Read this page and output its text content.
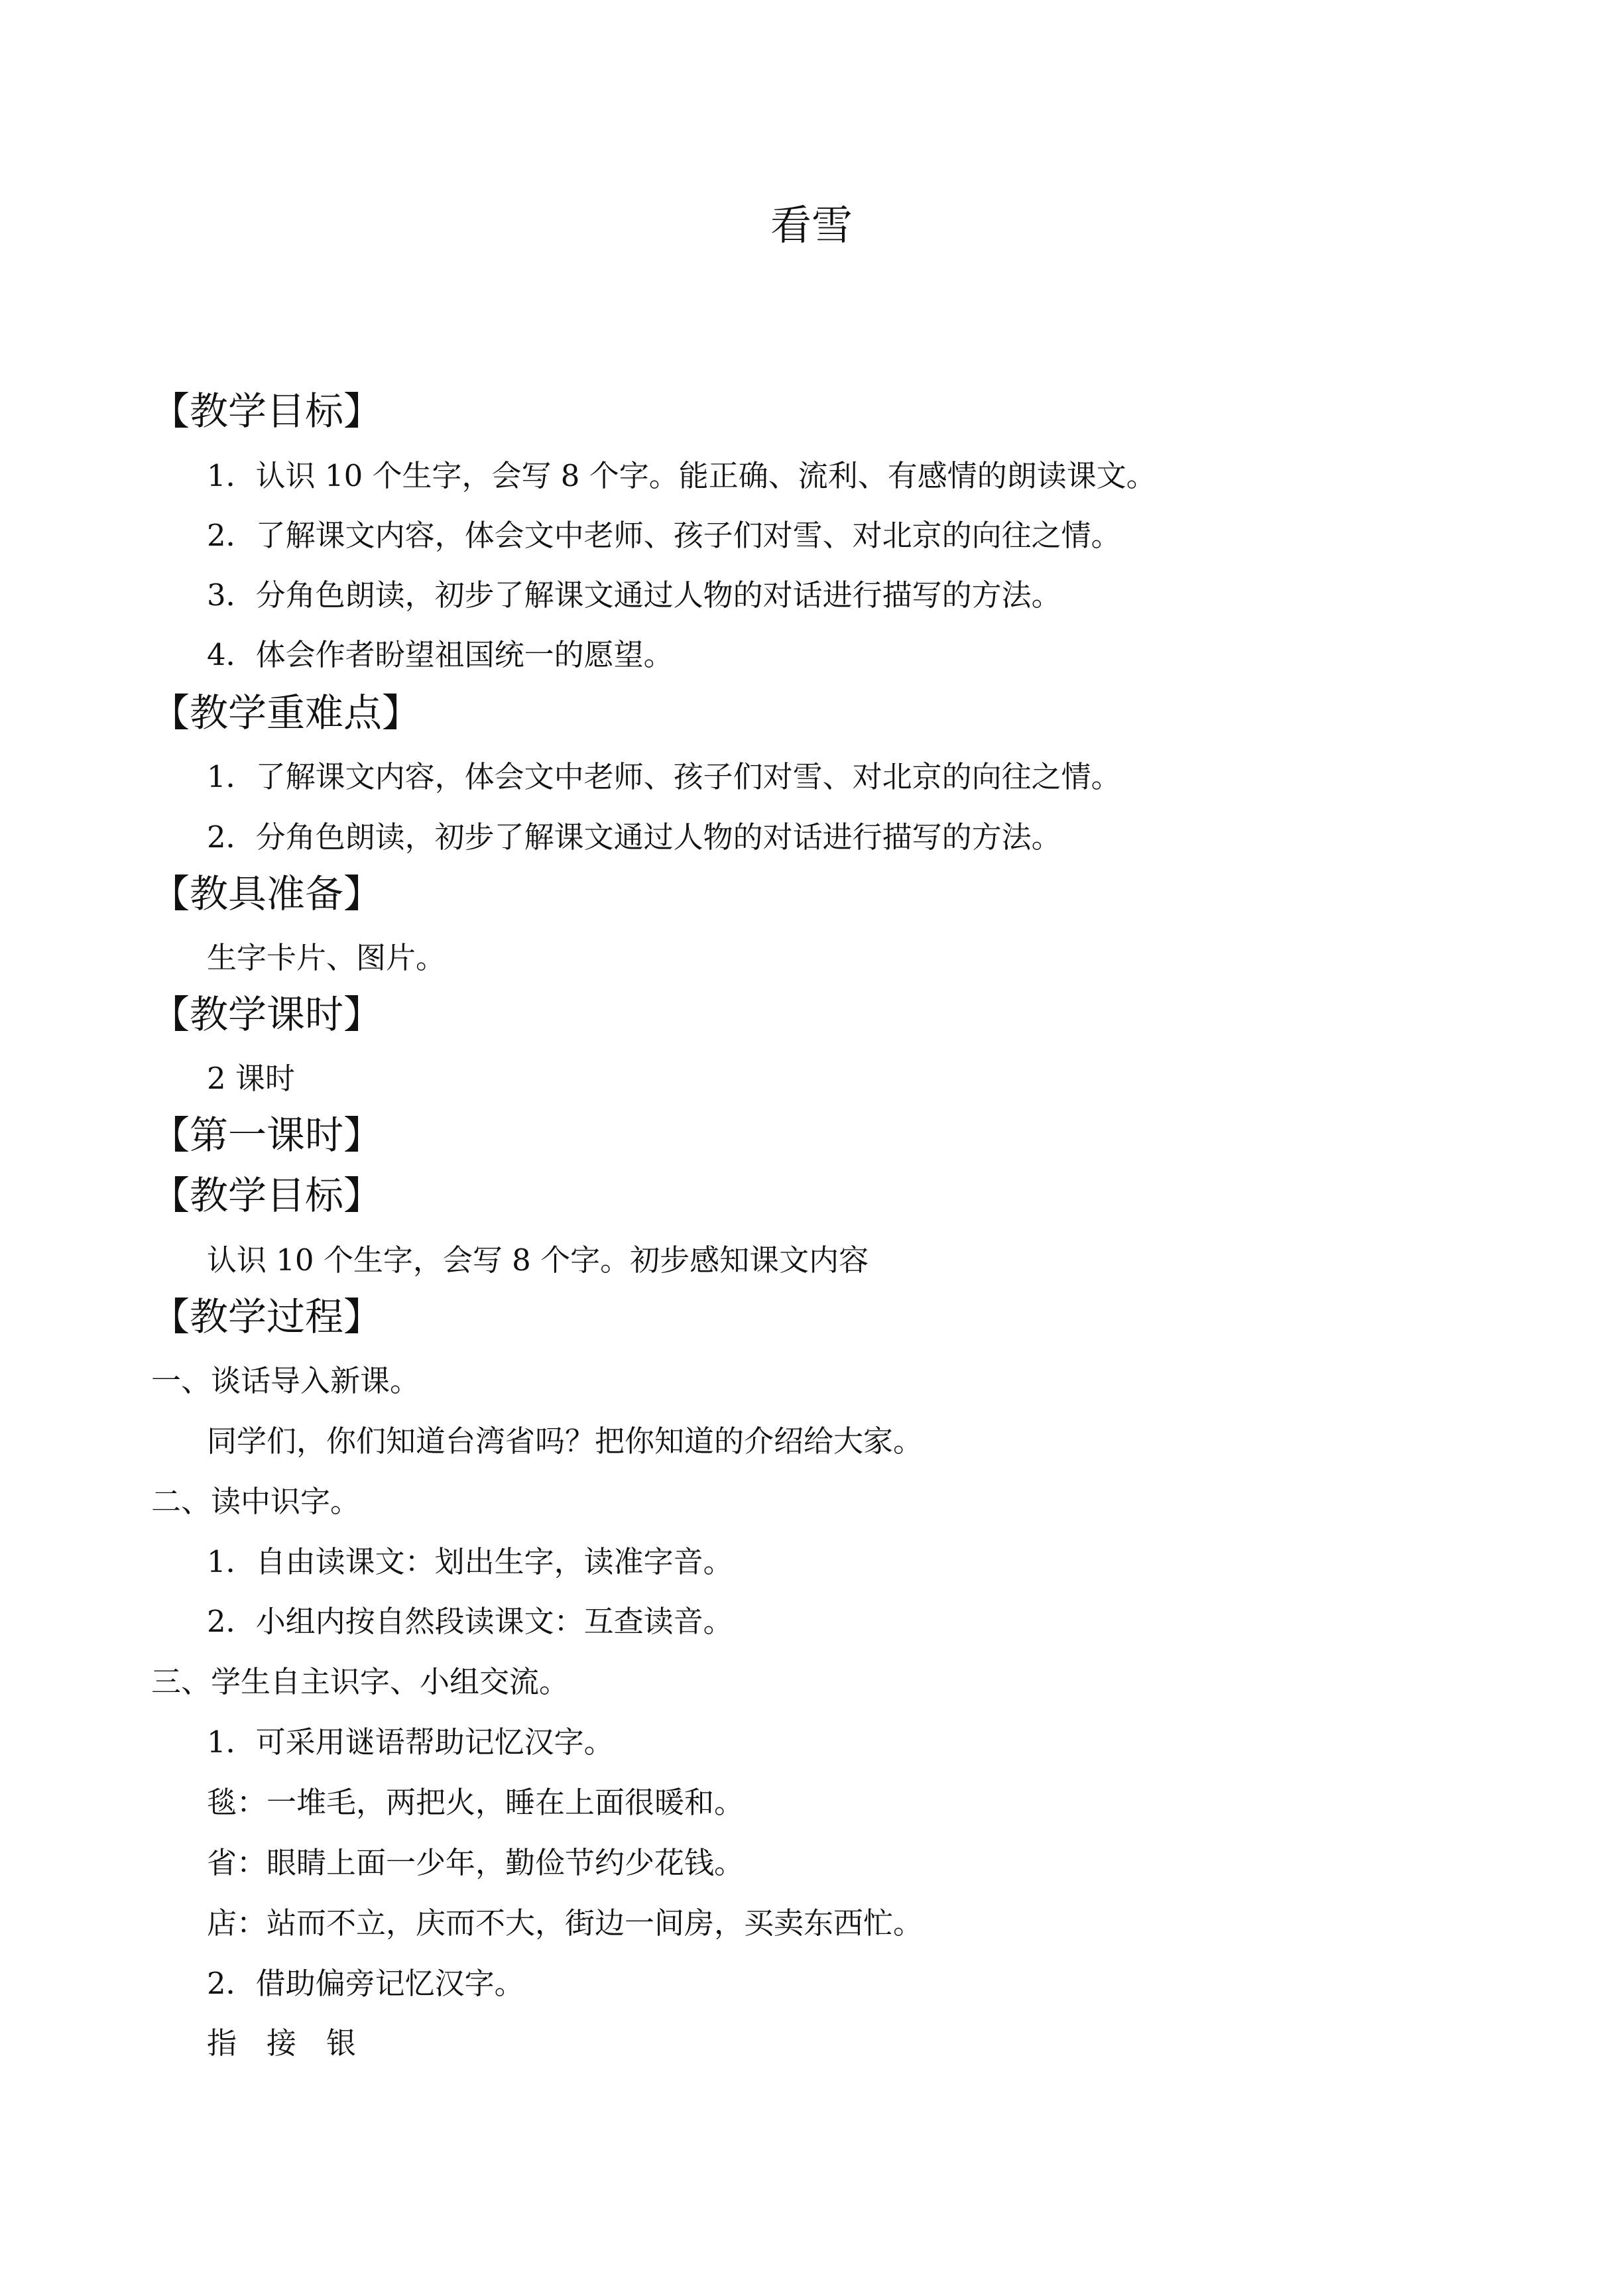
看雪
【教学目标】
1．认识 10 个生字，会写 8 个字。能正确、流利、有感情的朗读课文。
2．了解课文内容，体会文中老师、孩子们对雪、对北京的向往之情。
3．分角色朗读，初步了解课文通过人物的对话进行描写的方法。
4．体会作者盼望祖国统一的愿望。
【教学重难点】
1．了解课文内容，体会文中老师、孩子们对雪、对北京的向往之情。
2．分角色朗读，初步了解课文通过人物的对话进行描写的方法。
【教具准备】
生字卡片、图片。
【教学课时】
2 课时
【第一课时】
【教学目标】
认识 10 个生字，会写 8 个字。初步感知课文内容
【教学过程】
一、谈话导入新课。
同学们，你们知道台湾省吗？把你知道的介绍给大家。
二、读中识字。
1．自由读课文：划出生字，读准字音。
2．小组内按自然段读课文：互查读音。
三、学生自主识字、小组交流。
1．可采用谜语帮助记忆汉字。
毯：一堆毛，两把火，睡在上面很暖和。
省：眼睛上面一少年，勤俭节约少花钱。
店：站而不立，庆而不大，街边一间房，买卖东西忙。
2．借助偏旁记忆汉字。
指　接　银
